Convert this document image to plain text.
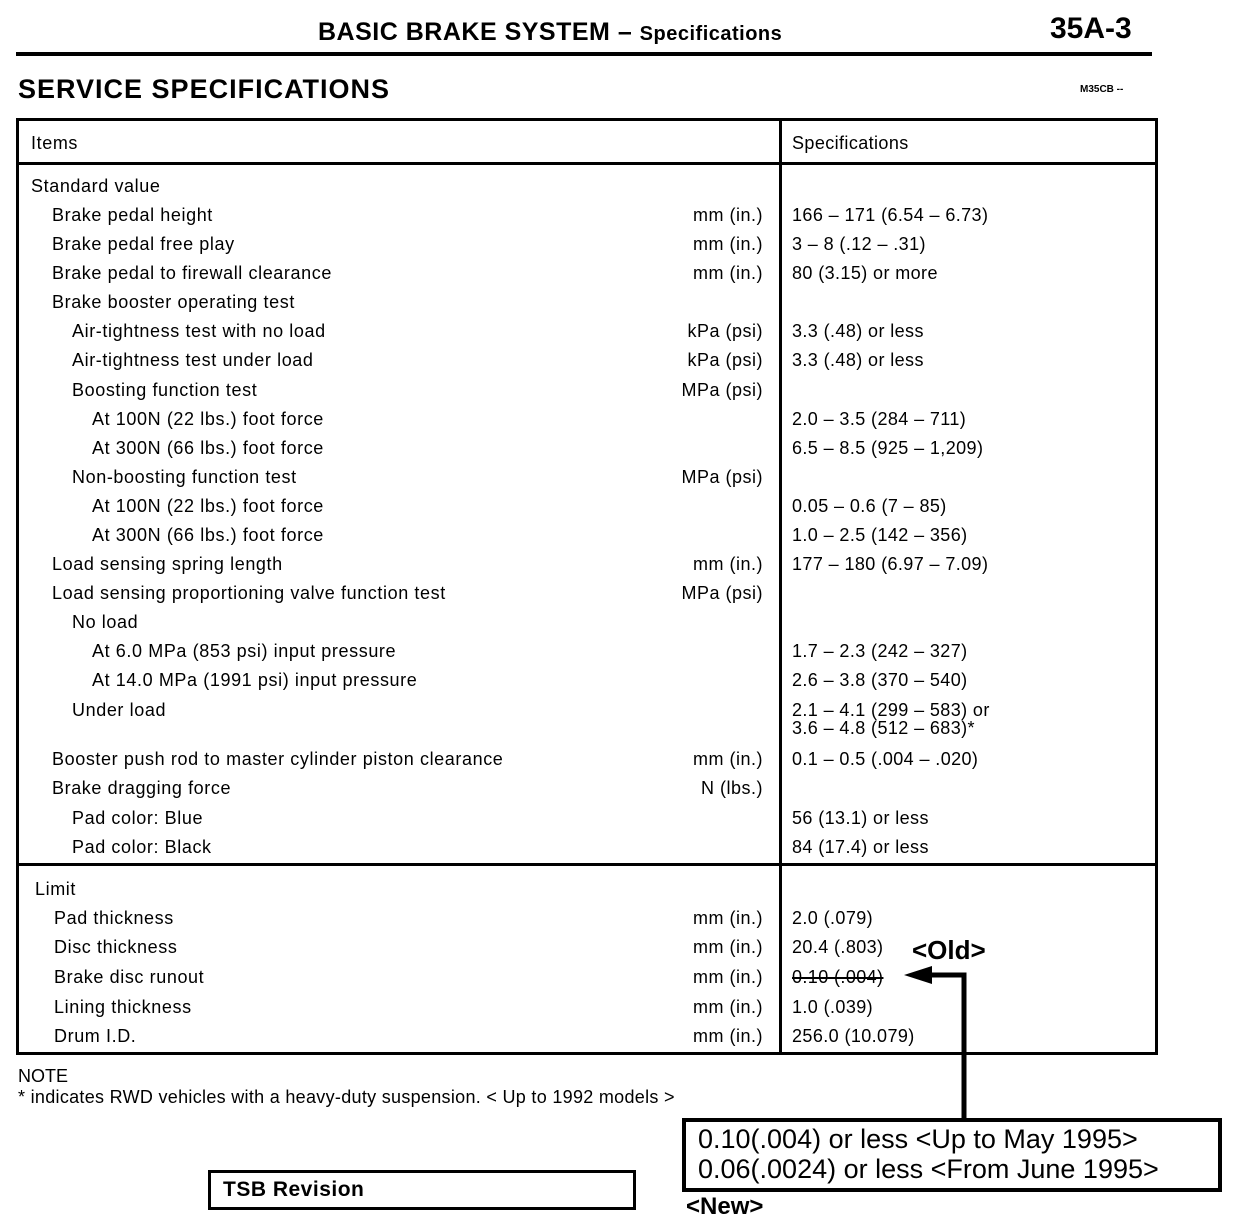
BASIC BRAKE SYSTEM – Specifications	35A-3
SERVICE SPECIFICATIONS	M35CB --
Items	Specifications
Standard value
Brake pedal height	mm (in.) 166 – 171 (6.54 – 6.73)
Brake pedal free play	mm (in.) 3 – 8 (.12 – .31)
Brake pedal to firewall clearance	mm (in.) 80 (3.15) or more
Brake booster operating test
Air-tightness test with no load	kPa (psi) 3.3 (.48) or less
Air-tightness test under load	kPa (psi) 3.3 (.48) or less
Boosting function test	MPa (psi)
At 100N (22 lbs.) foot force	2.0 – 3.5 (284 – 711)
At 300N (66 lbs.) foot force	6.5 – 8.5 (925 – 1,209)
Non-boosting function test	MPa (psi)
At 100N (22 lbs.) foot force	0.05 – 0.6 (7 – 85)
At 300N (66 lbs.) foot force	1.0 – 2.5 (142 – 356)
Load sensing spring length	mm (in.) 177 – 180 (6.97 – 7.09)
Load sensing proportioning valve function test	MPa (psi)
No load
At 6.0 MPa (853 psi) input pressure	1.7 – 2.3 (242 – 327)
At 14.0 MPa (1991 psi) input pressure	2.6 – 3.8 (370 – 540)
Under load	2.1 – 4.1 (299 – 583) or
3.6 – 4.8 (512 – 683)*
Booster push rod to master cylinder piston clearance	mm (in.) 0.1 – 0.5 (.004 – .020)
Brake dragging force	N (lbs.)
Pad color: Blue	56 (13.1) or less
Pad color: Black	84 (17.4) or less
Limit
Pad thickness	mm (in.) 2.0 (.079)
Disc thickness	mm (in.) 20.4 (.803)
Brake disc runout	mm (in.) 0.10 (.004)
Lining thickness	mm (in.) 1.0 (.039)
Drum I.D.	mm (in.) 256.0 (10.079)
NOTE
* indicates RWD vehicles with a heavy-duty suspension. < Up to 1992 models >
TSB Revision
<Old>
0.10(.004) or less <Up to May 1995>
0.06(.0024) or less <From June 1995>
<New>
